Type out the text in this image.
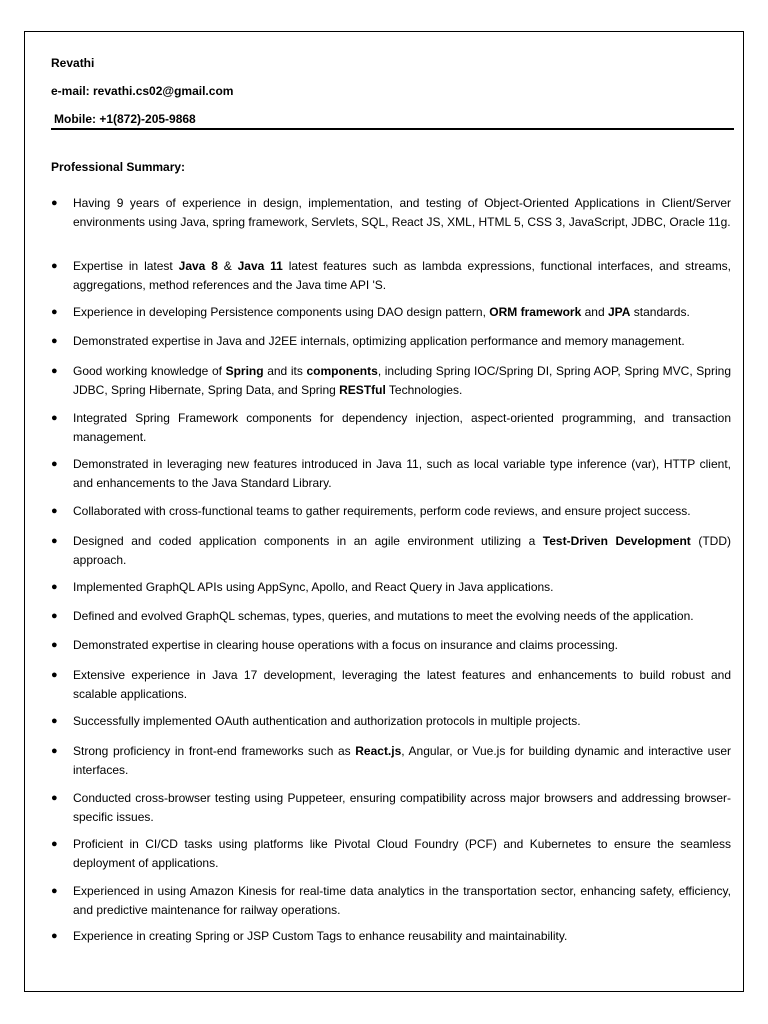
Revathi
e-mail: revathi.cs02@gmail.com
Mobile: +1(872)-205-9868
Professional Summary:
● Having 9 years of experience in design, implementation, and testing of Object-Oriented Applications in Client/Server environments using Java, spring framework, Servlets, SQL, React JS, XML, HTML 5, CSS 3, JavaScript, JDBC, Oracle 11g.
● Expertise in latest Java 8 & Java 11 latest features such as lambda expressions, functional interfaces, and streams, aggregations, method references and the Java time API 'S.
● Experience in developing Persistence components using DAO design pattern, ORM framework and JPA standards.
● Demonstrated expertise in Java and J2EE internals, optimizing application performance and memory management.
● Good working knowledge of Spring and its components, including Spring IOC/Spring DI, Spring AOP, Spring MVC, Spring JDBC, Spring Hibernate, Spring Data, and Spring RESTful Technologies.
● Integrated Spring Framework components for dependency injection, aspect-oriented programming, and transaction management.
● Demonstrated in leveraging new features introduced in Java 11, such as local variable type inference (var), HTTP client, and enhancements to the Java Standard Library.
● Collaborated with cross-functional teams to gather requirements, perform code reviews, and ensure project success.
● Designed and coded application components in an agile environment utilizing a Test-Driven Development (TDD) approach.
● Implemented GraphQL APIs using AppSync, Apollo, and React Query in Java applications.
● Defined and evolved GraphQL schemas, types, queries, and mutations to meet the evolving needs of the application.
● Demonstrated expertise in clearing house operations with a focus on insurance and claims processing.
● Extensive experience in Java 17 development, leveraging the latest features and enhancements to build robust and scalable applications.
● Successfully implemented OAuth authentication and authorization protocols in multiple projects.
● Strong proficiency in front-end frameworks such as React.js, Angular, or Vue.js for building dynamic and interactive user interfaces.
● Conducted cross-browser testing using Puppeteer, ensuring compatibility across major browsers and addressing browser-specific issues.
● Proficient in CI/CD tasks using platforms like Pivotal Cloud Foundry (PCF) and Kubernetes to ensure the seamless deployment of applications.
● Experienced in using Amazon Kinesis for real-time data analytics in the transportation sector, enhancing safety, efficiency, and predictive maintenance for railway operations.
● Experience in creating Spring or JSP Custom Tags to enhance reusability and maintainability.
